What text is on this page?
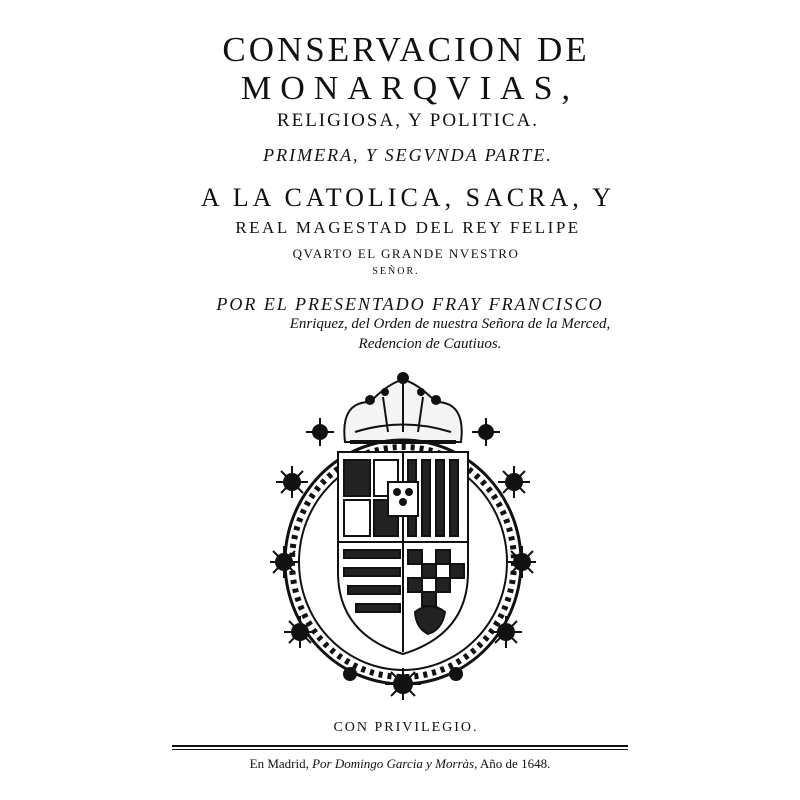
CONSERVACION DE
MONARQVIAS,
RELIGIOSA, Y POLITICA.
PRIMERA, Y SEGVNDA PARTE.
A LA CATOLICA, SACRA, Y
REAL MAGESTAD DEL REY FELIPE
QVARTO EL GRANDE NVESTRO
SEÑOR.
POR EL PRESENTADO FRAY FRANCISCO
Enriquez, del Orden de nuestra Señora de la Merced,
Redencion de Cautiuos.
CON PRIVILEGIO.
En Madrid, Por Domingo Garcia y Morràs, Año de 1648.
